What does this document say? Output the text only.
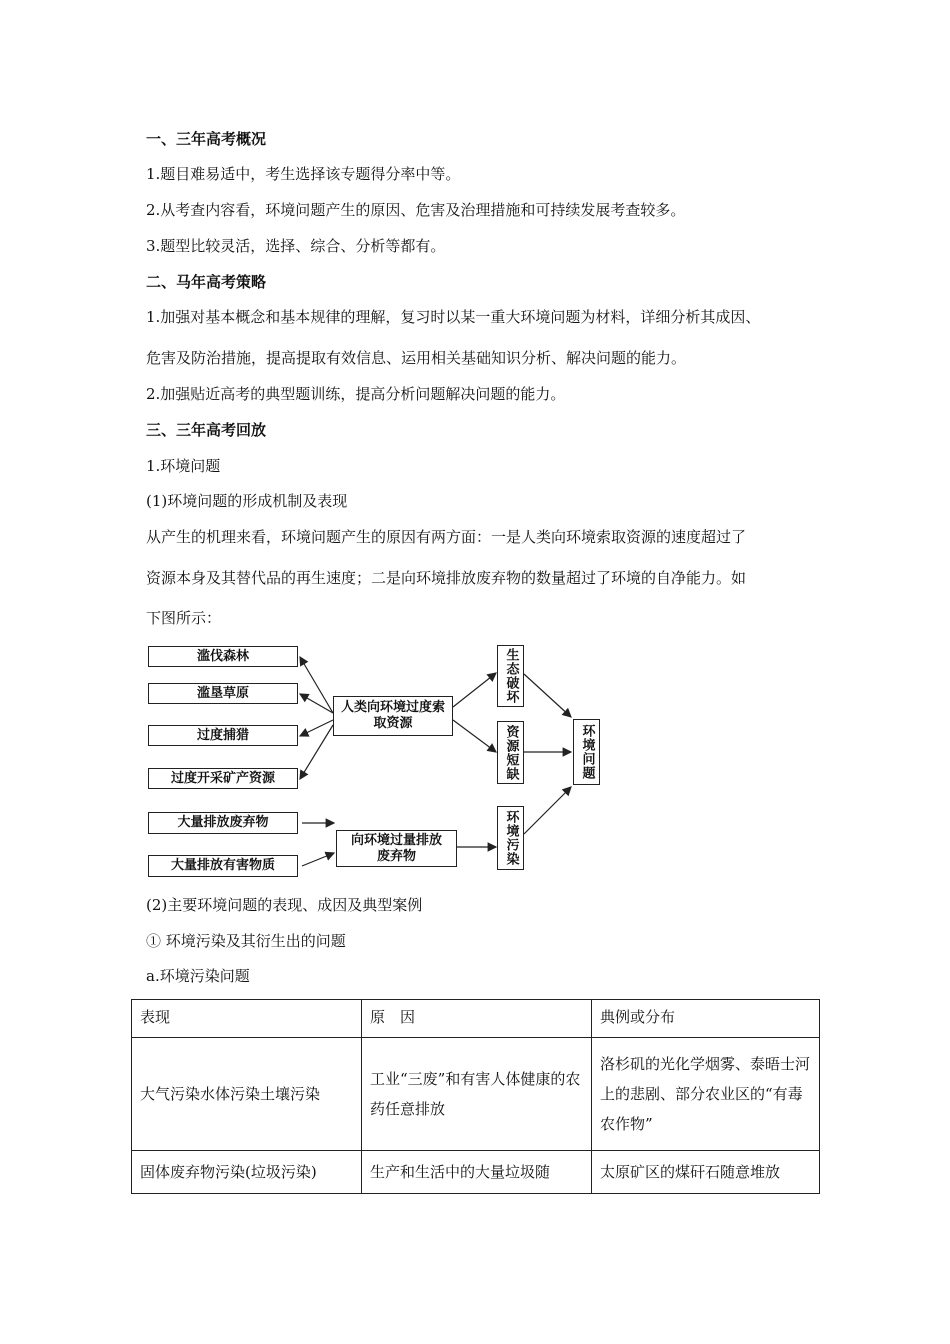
一、三年高考概况
1.题目难易适中，考生选择该专题得分率中等。
2.从考查内容看，环境问题产生的原因、危害及治理措施和可持续发展考查较多。
3.题型比较灵活，选择、综合、分析等都有。
二、马年高考策略
1.加强对基本概念和基本规律的理解，复习时以某一重大环境问题为材料，详细分析其成因、
危害及防治措施，提高提取有效信息、运用相关基础知识分析、解决问题的能力。
2.加强贴近高考的典型题训练，提高分析问题解决问题的能力。
三、三年高考回放
1.环境问题
(1)环境问题的形成机制及表现
从产生的机理来看，环境问题产生的原因有两方面：一是人类向环境索取资源的速度超过了
资源本身及其替代品的再生速度；二是向环境排放废弃物的数量超过了环境的自净能力。如
下图所示：
滥伐森林
滥垦草原
过度捕猎
过度开采矿产资源
人类向环境过度索取资源
大量排放废弃物
大量排放有害物质
向环境过量排放废弃物
生态破坏
资源短缺
环境污染
环境问题
(2)主要环境问题的表现、成因及典型案例
① 环境污染及其衍生出的问题
a.环境污染问题
表现	原　因	典例或分布
大气污染水体污染土壤污染	工业“三废”和有害人体健康的农药任意排放	洛杉矶的光化学烟雾、泰晤士河上的悲剧、部分农业区的“有毒农作物”
固体废弃物污染(垃圾污染)	生产和生活中的大量垃圾随	太原矿区的煤矸石随意堆放
